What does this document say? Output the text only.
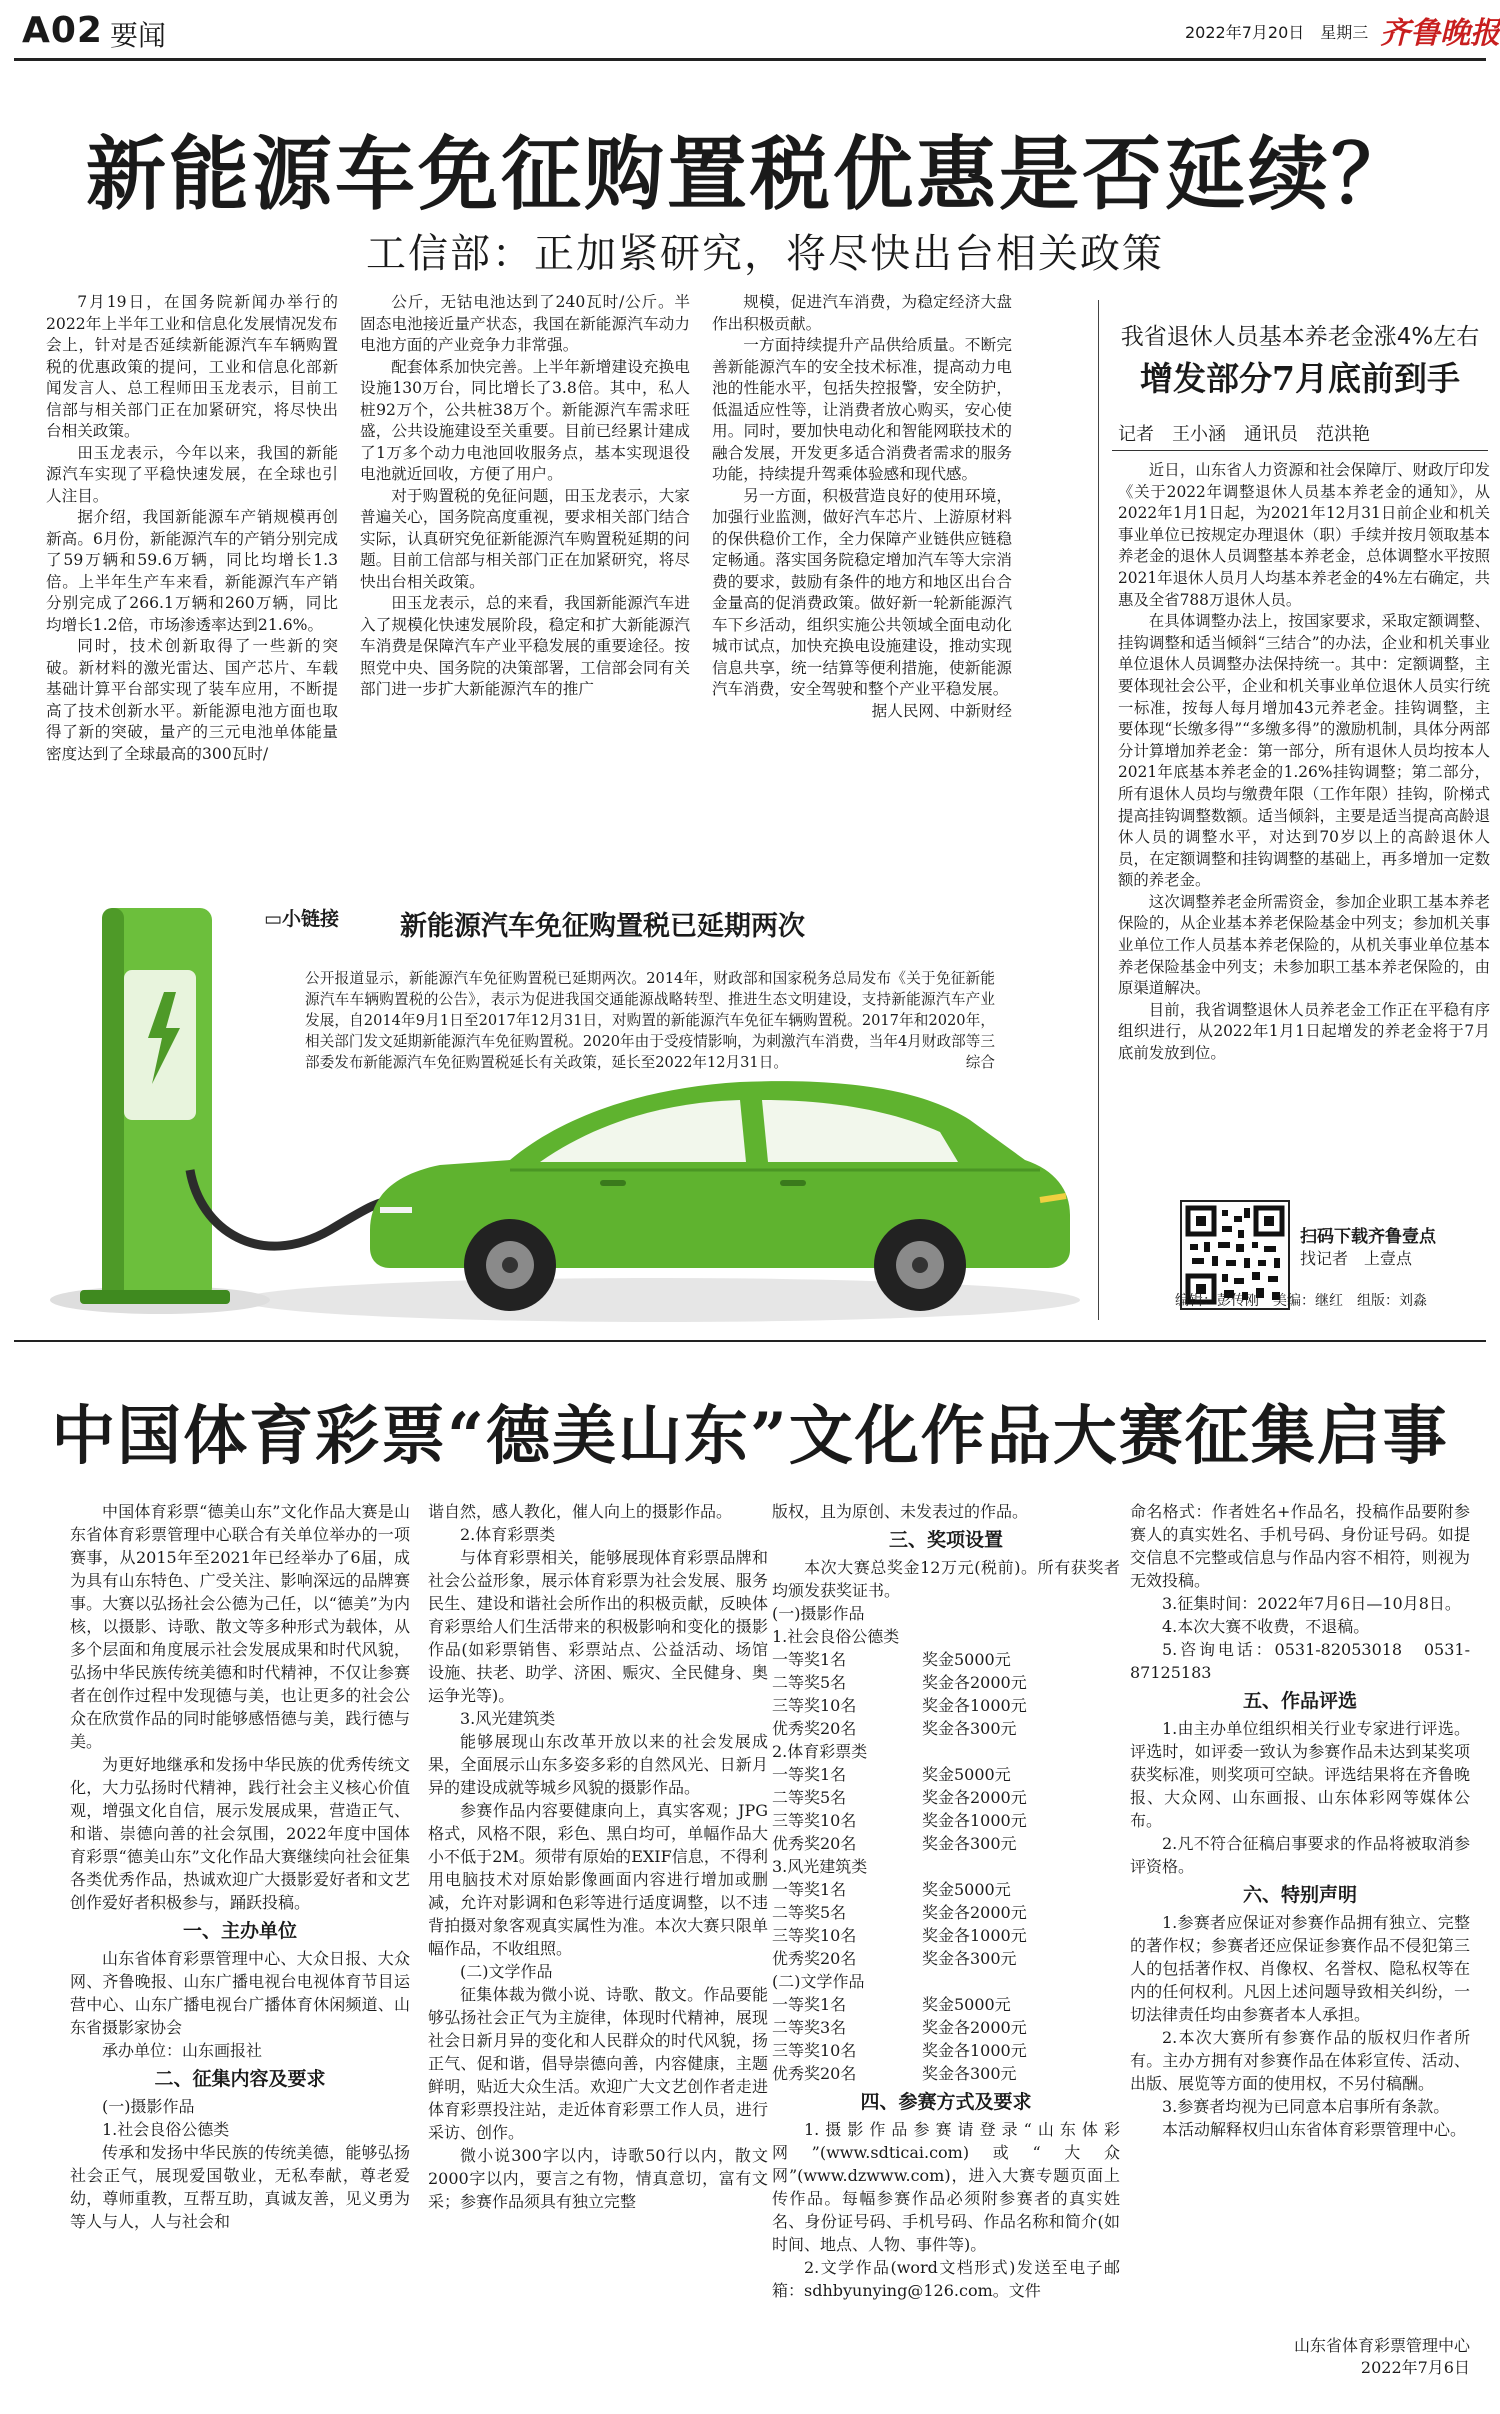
A02 要闻	2022年7月20日　星期三 齐鲁晚报
新能源车免征购置税优惠是否延续？
工信部：正加紧研究，将尽快出台相关政策

7月19日，在国务院新闻办举行的2022年上半年工业和信息化发展情况发布会上，针对是否延续新能源汽车车辆购置税的优惠政策的提问，工业和信息化部新闻发言人、总工程师田玉龙表示，目前工信部与相关部门正在加紧研究，将尽快出台相关政策。

田玉龙表示，今年以来，我国的新能源汽车实现了平稳快速发展，在全球也引人注目。

据介绍，我国新能源车产销规模再创新高。6月份，新能源汽车的产销分别完成了59万辆和59.6万辆，同比均增长1.3倍。上半年生产车来看，新能源汽车产销分别完成了266.1万辆和260万辆，同比均增长1.2倍，市场渗透率达到21.6%。

同时，技术创新取得了一些新的突破。新材料的激光雷达、国产芯片、车载基础计算平台部实现了装车应用，不断提高了技术创新水平。新能源电池方面也取得了新的突破，量产的三元电池单体能量密度达到了全球最高的300瓦时/

公斤，无钴电池达到了240瓦时/公斤。半固态电池接近量产状态，我国在新能源汽车动力电池方面的产业竞争力非常强。

配套体系加快完善。上半年新增建设充换电设施130万台，同比增长了3.8倍。其中，私人桩92万个，公共桩38万个。新能源汽车需求旺盛，公共设施建设至关重要。目前已经累计建成了1万多个动力电池回收服务点，基本实现退役电池就近回收，方便了用户。

对于购置税的免征问题，田玉龙表示，大家普遍关心，国务院高度重视，要求相关部门结合实际，认真研究免征新能源汽车购置税延期的问题。目前工信部与相关部门正在加紧研究，将尽快出台相关政策。

田玉龙表示，总的来看，我国新能源汽车进入了规模化快速发展阶段，稳定和扩大新能源汽车消费是保障汽车产业平稳发展的重要途径。按照党中央、国务院的决策部署，工信部会同有关部门进一步扩大新能源汽车的推广

规模，促进汽车消费，为稳定经济大盘作出积极贡献。

一方面持续提升产品供给质量。不断完善新能源汽车的安全技术标准，提高动力电池的性能水平，包括失控报警，安全防护，低温适应性等，让消费者放心购买，安心使用。同时，要加快电动化和智能网联技术的融合发展，开发更多适合消费者需求的服务功能，持续提升驾乘体验感和现代感。

另一方面，积极营造良好的使用环境，加强行业监测，做好汽车芯片、上游原材料的保供稳价工作，全力保障产业链供应链稳定畅通。落实国务院稳定增加汽车等大宗消费的要求，鼓励有条件的地方和地区出台合金量高的促消费政策。做好新一轮新能源汽车下乡活动，组织实施公共领域全面电动化城市试点，加快充换电设施建设，推动实现信息共享，统一结算等便利措施，使新能源汽车消费，安全驾驶和整个产业平稳发展。

据人民网、中新财经

我省退休人员基本养老金涨4%左右
增发部分7月底前到手
记者　王小涵　通讯员　范洪艳

近日，山东省人力资源和社会保障厅、财政厅印发《关于2022年调整退休人员基本养老金的通知》，从2022年1月1日起，为2021年12月31日前企业和机关事业单位已按规定办理退休（职）手续并按月领取基本养老金的退休人员调整基本养老金，总体调整水平按照2021年退休人员月人均基本养老金的4%左右确定，共惠及全省788万退休人员。

在具体调整办法上，按国家要求，采取定额调整、挂钩调整和适当倾斜“三结合”的办法，企业和机关事业单位退休人员调整办法保持统一。其中：定额调整，主要体现社会公平，企业和机关事业单位退休人员实行统一标准，按每人每月增加43元养老金。挂钩调整，主要体现“长缴多得”“多缴多得”的激励机制，具体分两部分计算增加养老金：第一部分，所有退休人员均按本人2021年底基本养老金的1.26%挂钩调整；第二部分，所有退休人员均与缴费年限（工作年限）挂钩，阶梯式提高挂钩调整数额。适当倾斜，主要是适当提高高龄退休人员的调整水平，对达到70岁以上的高龄退休人员，在定额调整和挂钩调整的基础上，再多增加一定数额的养老金。

这次调整养老金所需资金，参加企业职工基本养老保险的，从企业基本养老保险基金中列支；参加机关事业单位工作人员基本养老保险的，从机关事业单位基本养老保险基金中列支；未参加职工基本养老保险的，由原渠道解决。

目前，我省调整退休人员养老金工作正在平稳有序组织进行，从2022年1月1日起增发的养老金将于7月底前发放到位。

扫码下载齐鲁壹点
找记者　上壹点
编辑：彭传刚　美编：继红　组版：刘淼
▭小链接 新能源汽车免征购置税已延期两次
公开报道显示，新能源汽车免征购置税已延期两次。2014年，财政部和国家税务总局发布《关于免征新能源汽车车辆购置税的公告》，表示为促进我国交通能源战略转型、推进生态文明建设，支持新能源汽车产业发展，自2014年9月1日至2017年12月31日，对购置的新能源汽车免征车辆购置税。2017年和2020年，相关部门发文延期新能源汽车免征购置税。2020年由于受疫情影响，为刺激汽车消费，当年4月财政部等三部委发布新能源汽车免征购置税延长有关政策，延长至2022年12月31日。	综合
中国体育彩票“德美山东”文化作品大赛征集启事

中国体育彩票“德美山东”文化作品大赛是山东省体育彩票管理中心联合有关单位举办的一项赛事，从2015年至2021年已经举办了6届，成为具有山东特色、广受关注、影响深远的品牌赛事。大赛以弘扬社会公德为己任，以“德美”为内核，以摄影、诗歌、散文等多种形式为载体，从多个层面和角度展示社会发展成果和时代风貌，弘扬中华民族传统美德和时代精神，不仅让参赛者在创作过程中发现德与美，也让更多的社会公众在欣赏作品的同时能够感悟德与美，践行德与美。

为更好地继承和发扬中华民族的优秀传统文化，大力弘扬时代精神，践行社会主义核心价值观，增强文化自信，展示发展成果，营造正气、和谐、崇德向善的社会氛围，2022年度中国体育彩票“德美山东”文化作品大赛继续向社会征集各类优秀作品，热诚欢迎广大摄影爱好者和文艺创作爱好者积极参与，踊跃投稿。

一、主办单位

山东省体育彩票管理中心、大众日报、大众网、齐鲁晚报、山东广播电视台电视体育节目运营中心、山东广播电视台广播体育休闲频道、山东省摄影家协会

承办单位：山东画报社

二、征集内容及要求

(一)摄影作品

1.社会良俗公德类

传承和发扬中华民族的传统美德，能够弘扬社会正气，展现爱国敬业，无私奉献，尊老爱幼，尊师重教，互帮互助，真诚友善，见义勇为等人与人，人与社会和

谐自然，感人教化，催人向上的摄影作品。

2.体育彩票类

与体育彩票相关，能够展现体育彩票品牌和社会公益形象，展示体育彩票为社会发展、服务民生、建设和谐社会所作出的积极贡献，反映体育彩票给人们生活带来的积极影响和变化的摄影作品(如彩票销售、彩票站点、公益活动、场馆设施、扶老、助学、济困、赈灾、全民健身、奥运争光等)。

3.风光建筑类

能够展现山东改革开放以来的社会发展成果，全面展示山东多姿多彩的自然风光、日新月异的建设成就等城乡风貌的摄影作品。

参赛作品内容要健康向上，真实客观；JPG格式，风格不限，彩色、黑白均可，单幅作品大小不低于2M。须带有原始的EXIF信息，不得利用电脑技术对原始影像画面内容进行增加或删减，允许对影调和色彩等进行适度调整，以不违背拍摄对象客观真实属性为准。本次大赛只限单幅作品，不收组照。

(二)文学作品

征集体裁为微小说、诗歌、散文。作品要能够弘扬社会正气为主旋律，体现时代精神，展现社会日新月异的变化和人民群众的时代风貌，扬正气、促和谐，倡导崇德向善，内容健康，主题鲜明，贴近大众生活。欢迎广大文艺创作者走进体育彩票投注站，走近体育彩票工作人员，进行采访、创作。

微小说300字以内，诗歌50行以内，散文2000字以内，要言之有物，情真意切，富有文采；参赛作品须具有独立完整

版权，且为原创、未发表过的作品。

三、奖项设置

本次大赛总奖金12万元(税前)。所有获奖者均颁发获奖证书。

(一)摄影作品

1.社会良俗公德类

一等奖1名	奖金5000元
二等奖5名	奖金各2000元
三等奖10名	奖金各1000元
优秀奖20名	奖金各300元

2.体育彩票类

一等奖1名	奖金5000元
二等奖5名	奖金各2000元
三等奖10名	奖金各1000元
优秀奖20名	奖金各300元

3.风光建筑类

一等奖1名	奖金5000元
二等奖5名	奖金各2000元
三等奖10名	奖金各1000元
优秀奖20名	奖金各300元

(二)文学作品

一等奖1名	奖金5000元
二等奖3名	奖金各2000元
三等奖10名	奖金各1000元
优秀奖20名	奖金各300元
四、参赛方式及要求

1.摄影作品参赛请登录“山东体彩网”(www.sdticai.com)或“大众网”(www.dzwww.com)，进入大赛专题页面上传作品。每幅参赛作品必须附参赛者的真实姓名、身份证号码、手机号码、作品名称和简介(如时间、地点、人物、事件等)。

2.文学作品(word文档形式)发送至电子邮箱：sdhbyunying@126.com。文件

命名格式：作者姓名+作品名，投稿作品要附参赛人的真实姓名、手机号码、身份证号码。如提交信息不完整或信息与作品内容不相符，则视为无效投稿。

3.征集时间：2022年7月6日—10月8日。

4.本次大赛不收费，不退稿。

5.咨询电话：0531-82053018　0531-87125183

五、作品评选

1.由主办单位组织相关行业专家进行评选。评选时，如评委一致认为参赛作品未达到某奖项获奖标准，则奖项可空缺。评选结果将在齐鲁晚报、大众网、山东画报、山东体彩网等媒体公布。

2.凡不符合征稿启事要求的作品将被取消参评资格。

六、特别声明

1.参赛者应保证对参赛作品拥有独立、完整的著作权；参赛者还应保证参赛作品不侵犯第三人的包括著作权、肖像权、名誉权、隐私权等在内的任何权利。凡因上述问题导致相关纠纷，一切法律责任均由参赛者本人承担。

2.本次大赛所有参赛作品的版权归作者所有。主办方拥有对参赛作品在体彩宣传、活动、出版、展览等方面的使用权，不另付稿酬。

3.参赛者均视为已同意本启事所有条款。

本活动解释权归山东省体育彩票管理中心。

山东省体育彩票管理中心
2022年7月6日
